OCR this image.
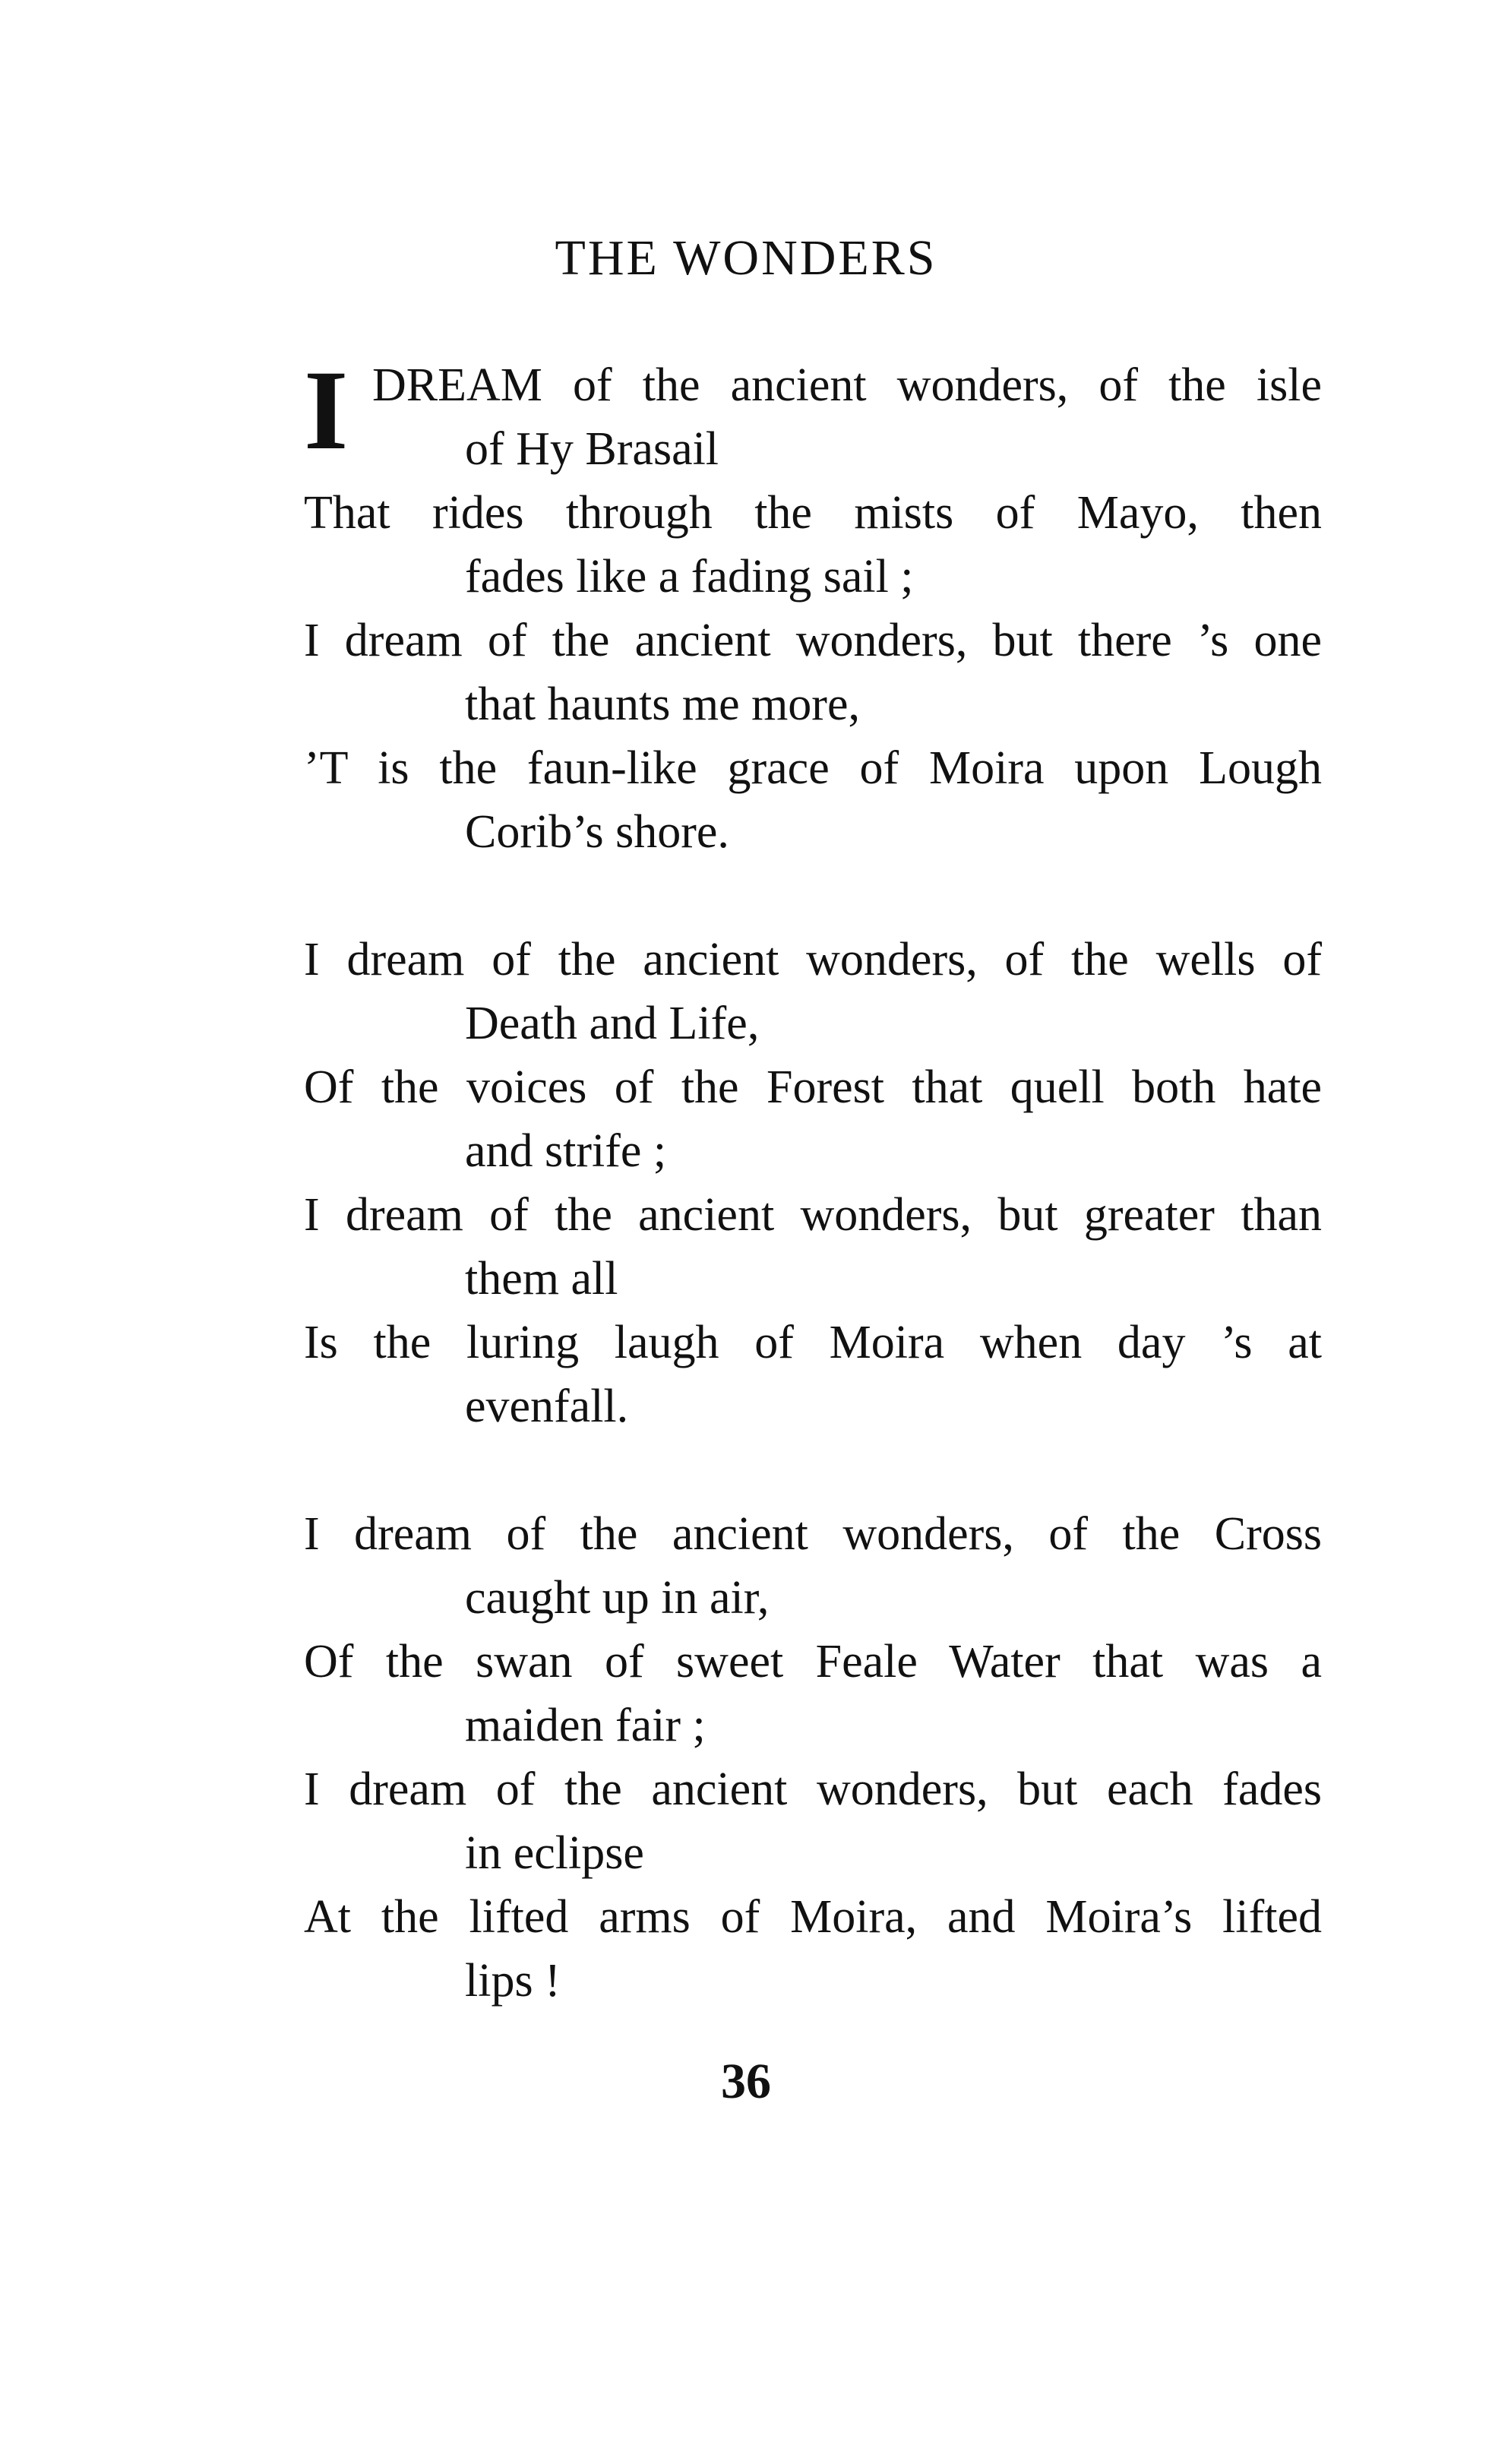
THE WONDERS
I DREAM of the ancient wonders, of the isle
of Hy Brasail
That rides through the mists of Mayo, then
fades like a fading sail ;
I dream of the ancient wonders, but there ’s one
that haunts me more,
’T is the faun-like grace of Moira upon Lough
Corib’s shore.
I dream of the ancient wonders, of the wells of
Death and Life,
Of the voices of the Forest that quell both hate
and strife ;
I dream of the ancient wonders, but greater than
them all
Is the luring laugh of Moira when day ’s at
evenfall.
I dream of the ancient wonders, of the Cross
caught up in air,
Of the swan of sweet Feale Water that was a
maiden fair ;
I dream of the ancient wonders, but each fades
in eclipse
At the lifted arms of Moira, and Moira’s lifted
lips !
36
